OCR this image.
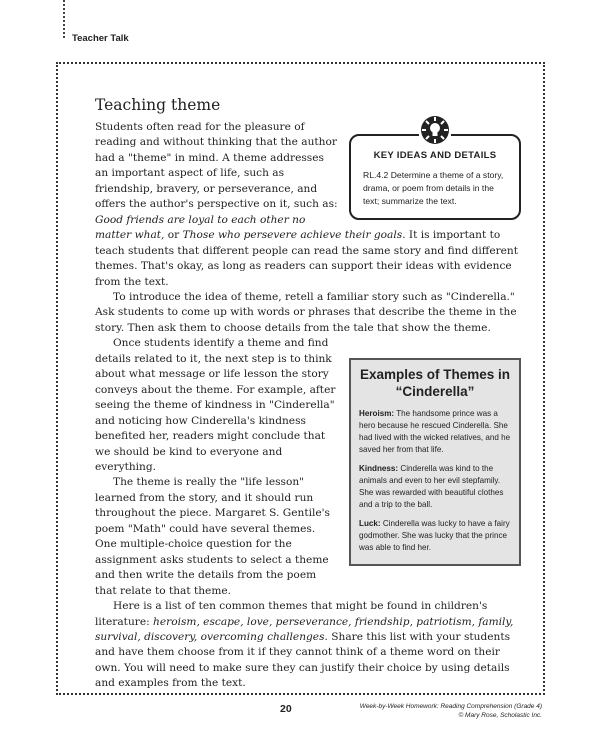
Teacher Talk
Teaching theme
KEY IDEAS AND DETAILS
RL.4.2 Determine a theme of a story, drama, or poem from details in the text; summarize the text.

Students often read for the pleasure of reading and without thinking that the author had a "theme" in mind. A theme addresses an important aspect of life, such as friendship, bravery, or perseverance, and offers the author's perspective on it, such as: Good friends are loyal to each other no matter what, or Those who persevere achieve their goals. It is important to teach students that different people can read the same story and find different themes. That's okay, as long as readers can support their ideas with evidence from the text.

To introduce the idea of theme, retell a familiar story such as "Cinderella." Ask students to come up with words or phrases that describe the theme in the story. Then ask them to choose details from the tale that show the theme.

Examples of Themes in “Cinderella”
Heroism: The handsome prince was a hero because he rescued Cinderella. She had lived with the wicked relatives, and he saved her from that life.
Kindness: Cinderella was kind to the animals and even to her evil stepfamily. She was rewarded with beautiful clothes and a trip to the ball.
Luck: Cinderella was lucky to have a fairy godmother. She was lucky that the prince was able to find her.

Once students identify a theme and find details related to it, the next step is to think about what message or life lesson the story conveys about the theme. For example, after seeing the theme of kindness in "Cinderella" and noticing how Cinderella's kindness benefited her, readers might conclude that we should be kind to everyone and everything.

The theme is really the "life lesson" learned from the story, and it should run throughout the piece. Margaret S. Gentile's poem "Math" could have several themes. One multiple-choice question for the assignment asks students to select a theme and then write the details from the poem that relate to that theme.

Here is a list of ten common themes that might be found in children's literature: heroism, escape, love, perseverance, friendship, patriotism, family, survival, discovery, overcoming challenges. Share this list with your students and have them choose from it if they cannot think of a theme word on their own. You will need to make sure they can justify their choice by using details and examples from the text.

20	Week-by-Week Homework: Reading Comprehension (Grade 4)
© Mary Rose, Scholastic Inc.
